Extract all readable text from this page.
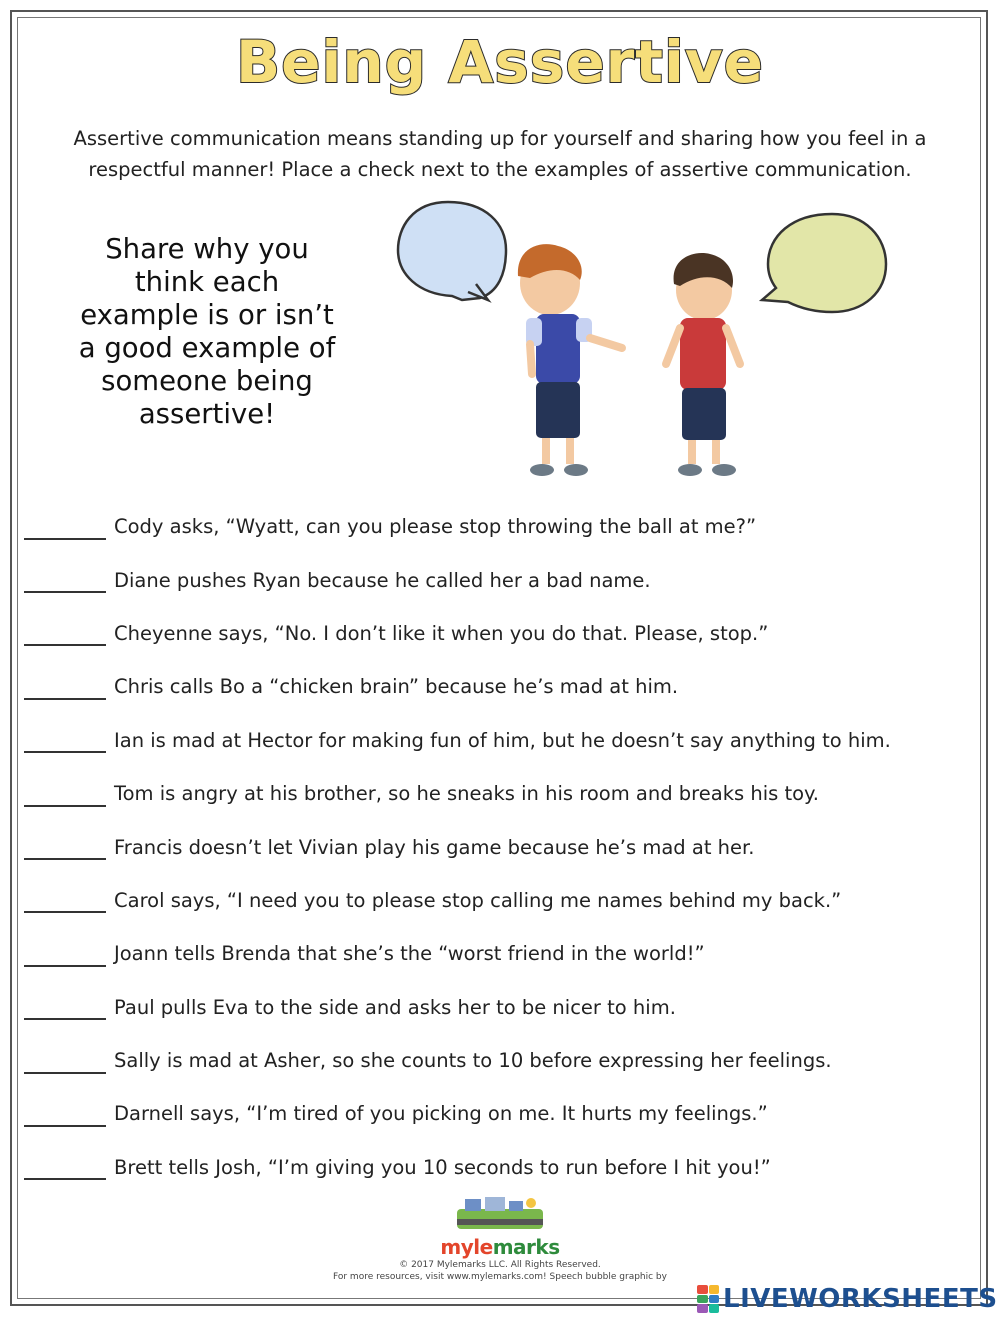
Being Assertive
Assertive communication means standing up for yourself and sharing how you feel in a
respectful manner! Place a check next to the examples of assertive communication.
Share why you
think each
example is or isn’t
a good example of
someone being
assertive!
Cody asks, “Wyatt, can you please stop throwing the ball at me?”
Diane pushes Ryan because he called her a bad name.
Cheyenne says, “No. I don’t like it when you do that. Please, stop.”
Chris calls Bo a “chicken brain” because he’s mad at him.
Ian is mad at Hector for making fun of him, but he doesn’t say anything to him.
Tom is angry at his brother, so he sneaks in his room and breaks his toy.
Francis doesn’t let Vivian play his game because he’s mad at her.
Carol says, “I need you to please stop calling me names behind my back.”
Joann tells Brenda that she’s the “worst friend in the world!”
Paul pulls Eva to the side and asks her to be nicer to him.
Sally is mad at Asher, so she counts to 10 before expressing her feelings.
Darnell says, “I’m tired of you picking on me. It hurts my feelings.”
Brett tells Josh, “I’m giving you 10 seconds to run before I hit you!”
mylemarks
© 2017 Mylemarks LLC. All Rights Reserved.
For more resources, visit www.mylemarks.com! Speech bubble graphic by
LIVEWORKSHEETS
